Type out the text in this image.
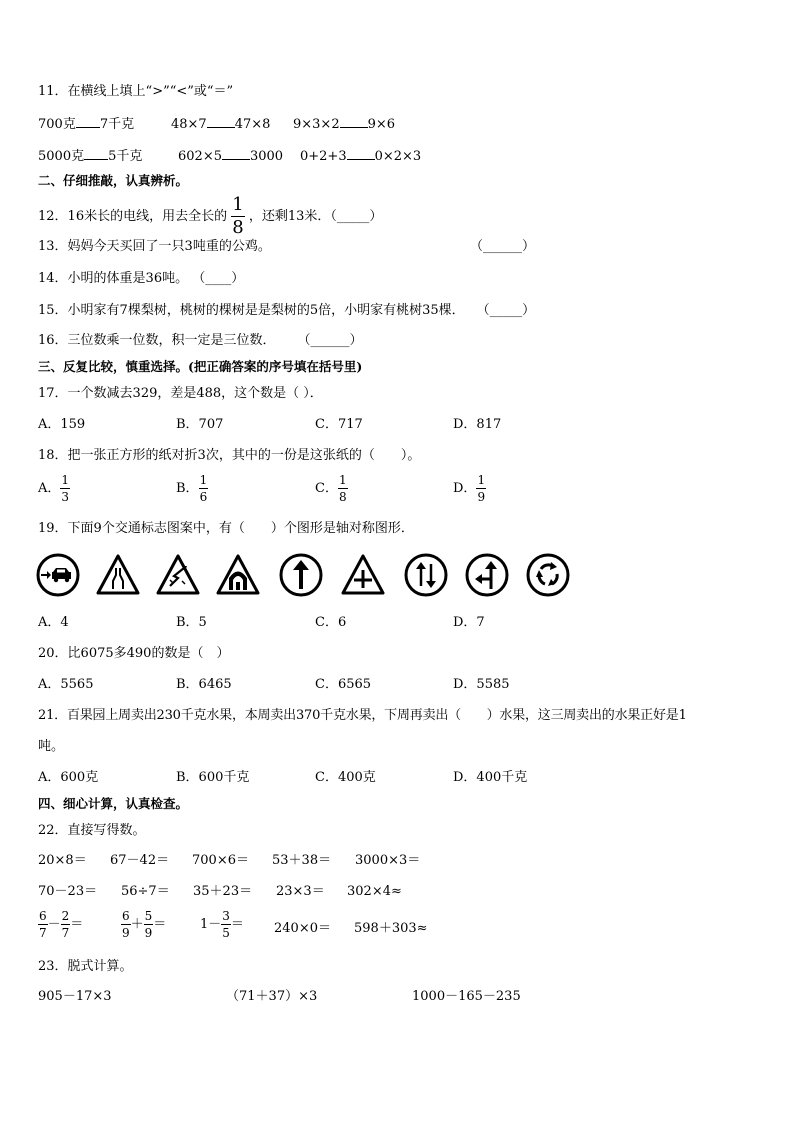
11．在横线上填上“>”“<”或“＝”
700克 7千克	48×7 47×8 9×3×2 9×6
5000克 5千克	602×5 3000 0+2+3 0×2×3
二、仔细推敲，认真辨析。
12．16米长的电线，用去全长的 $\frac{1}{8}$ ，还剩13米．（_____）
13．妈妈今天买回了一只3吨重的公鸡。	（______）
14．小明的体重是36吨。 （____）
15．小明家有7棵梨树，桃树的棵树是是梨树的5倍，小明家有桃树35棵． （_____）
16．三位数乘一位数，积一定是三位数． （______）
三、反复比较，慎重选择。(把正确答案的序号填在括号里)
17．一个数减去329，差是488，这个数是（ ）．
A．159	B．707	C．717	D．817
18．把一张正方形的纸对折3次，其中的一份是这张纸的（　　）。
A． $\frac{1}{3}$	B． $\frac{1}{6}$	C． $\frac{1}{8}$	D． $\frac{1}{9}$
19．下面9个交通标志图案中，有（　　）个图形是轴对称图形．
A．4	B．5	C．6	D．7
20．比6075多490的数是（　）
A．5565	B．6465	C．6565	D．5585
21．百果园上周卖出230千克水果，本周卖出370千克水果，下周再卖出（　　）水果，这三周卖出的水果正好是1
吨。
A．600克	B．600千克	C．400克	D．400千克
四、细心计算，认真检查。
22．直接写得数。
20×8＝ 67－42＝ 700×6＝ 53＋38＝ 3000×3＝
70－23＝ 56÷7＝ 35＋23＝ 23×3＝ 302×4≈
$\frac{6}{7} - \frac{2}{7}$ ＝	$\frac{6}{9} + \frac{5}{9}$ ＝	$1- \frac{3}{5} = 240\times 0= 598+303\approx$
23．脱式计算。
905－17×3	（71＋37）×3	1000－165－235
